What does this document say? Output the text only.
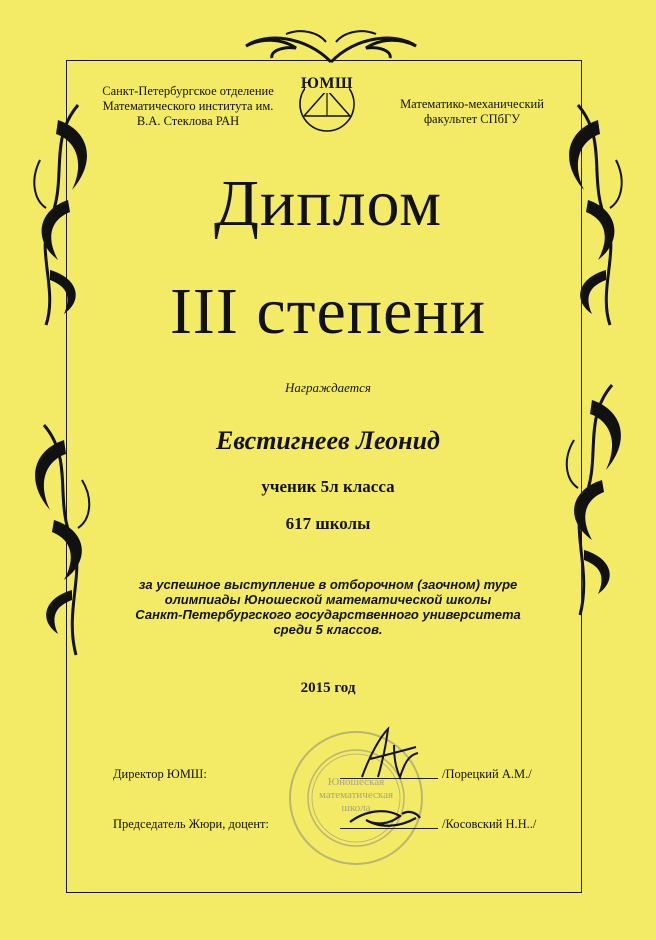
Санкт-Петербургское отделение
Математического института им.
В.А. Стеклова РАН
ЮМШ
Математико-механический
факультет СПбГУ
Диплом
III степени
Награждается
Евстигнеев Леонид
ученик 5л класса
617 школы
за успешное выступление в отборочном (заочном) туре
олимпиады Юношеской математической школы
Санкт-Петербургского государственного университета
среди 5 классов.
2015 год
Юношеская математическая школа
Директор ЮМШ:	/Порецкий А.М./
Председатель Жюри, доцент:	/Косовский Н.Н../
